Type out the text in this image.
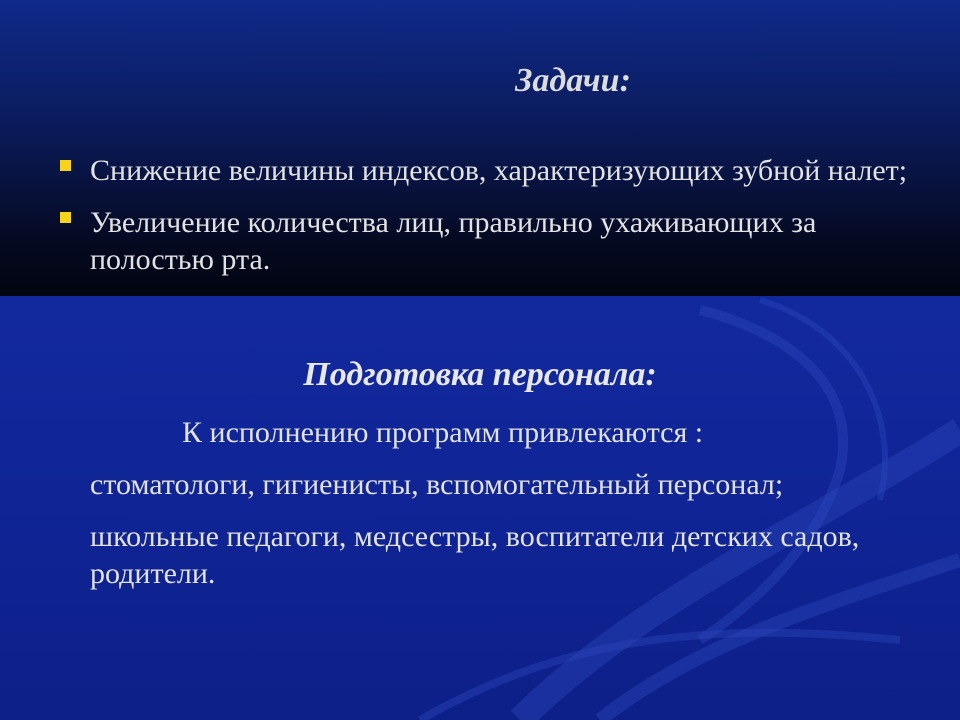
Задачи:
Снижение величины индексов, характеризующих зубной налет;
Увеличение количества лиц, правильно ухаживающих за полостью рта.
Подготовка персонала:

К исполнению программ привлекаются :

стоматологи, гигиенисты, вспомогательный персонал;

школьные педагоги, медсестры, воспитатели детских садов, родители.
